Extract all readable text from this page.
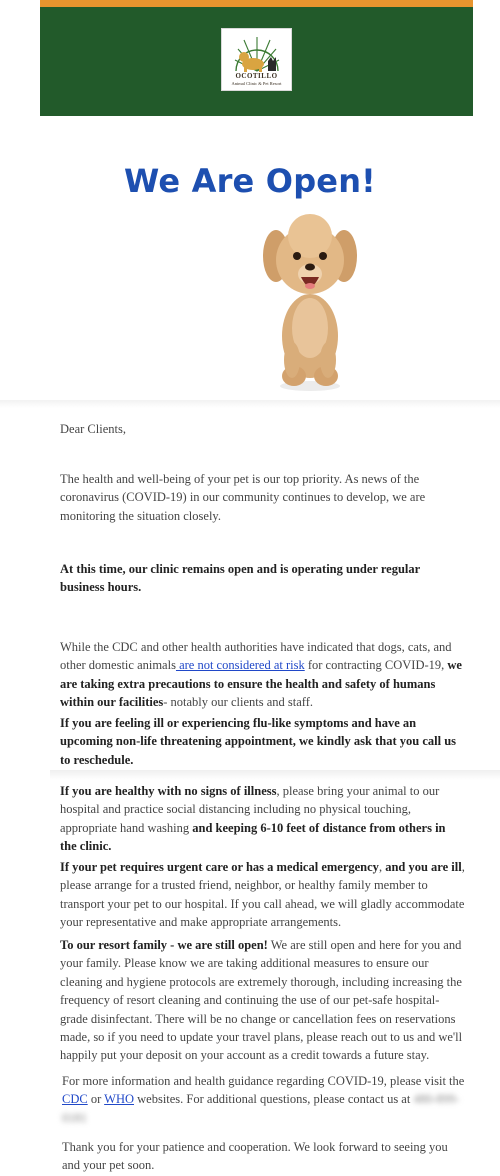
OCOTILLO
Animal Clinic & Pet Resort
We Are Open!

Dear Clients,

The health and well-being of your pet is our top priority. As news of the coronavirus (COVID-19) in our community continues to develop, we are monitoring the situation closely.

At this time, our clinic remains open and is operating under regular business hours.

While the CDC and other health authorities have indicated that dogs, cats, and other domestic animals are not considered at risk for contracting COVID-19, we are taking extra precautions to ensure the health and safety of humans within our facilities- notably our clients and staff.

If you are feeling ill or experiencing flu-like symptoms and have an upcoming non-life threatening appointment, we kindly ask that you call us to reschedule.

If you are healthy with no signs of illness, please bring your animal to our hospital and practice social distancing including no physical touching, appropriate hand washing and keeping 6-10 feet of distance from others in the clinic.

If your pet requires urgent care or has a medical emergency, and you are ill, please arrange for a trusted friend, neighbor, or healthy family member to transport your pet to our hospital. If you call ahead, we will gladly accommodate your representative and make appropriate arrangements.

To our resort family - we are still open! We are still open and here for you and your family. Please know we are taking additional measures to ensure our cleaning and hygiene protocols are extremely thorough, including increasing the frequency of resort cleaning and continuing the use of our pet-safe hospital-grade disinfectant. There will be no change or cancellation fees on reservations made, so if you need to update your travel plans, please reach out to us and we'll happily put your deposit on your account as a credit towards a future stay.

For more information and health guidance regarding COVID-19, please visit the CDC or WHO websites. For additional questions, please contact us at 480-899-0181

Thank you for your patience and cooperation. We look forward to seeing you and your pet soon.
